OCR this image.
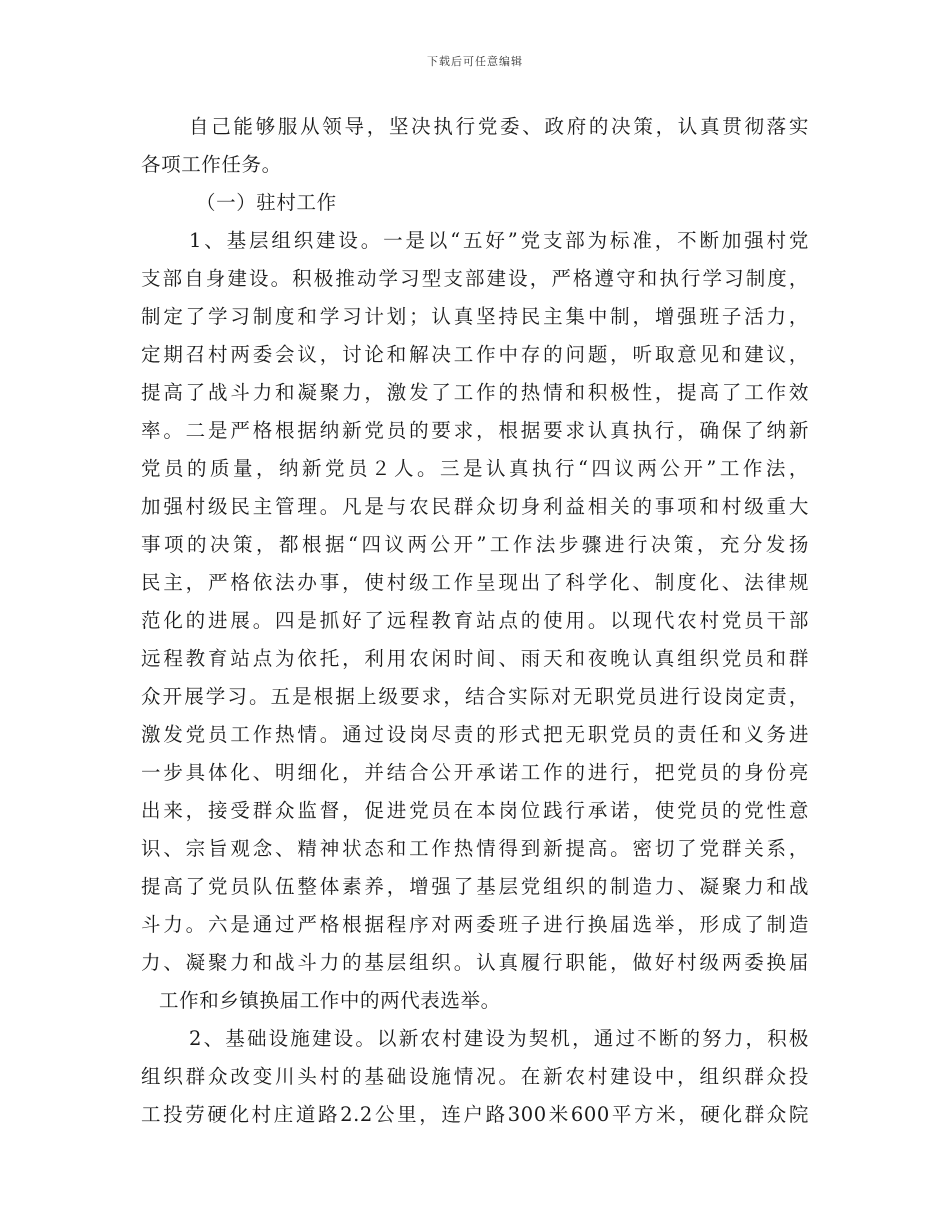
下载后可任意编辑
自己能够服从领导，坚决执行党委、政府的决策，认真贯彻落实
各项工作任务。
（一）驻村工作
1、基层组织建设。一是以“五好”党支部为标准，不断加强村党
支部自身建设。积极推动学习型支部建设，严格遵守和执行学习制度，
制定了学习制度和学习计划；认真坚持民主集中制，增强班子活力，
定期召村两委会议，讨论和解决工作中存的问题，听取意见和建议，
提高了战斗力和凝聚力，激发了工作的热情和积极性，提高了工作效
率。二是严格根据纳新党员的要求，根据要求认真执行，确保了纳新
党员的质量，纳新党员２人。三是认真执行“四议两公开”工作法，
加强村级民主管理。凡是与农民群众切身利益相关的事项和村级重大
事项的决策，都根据“四议两公开”工作法步骤进行决策，充分发扬
民主，严格依法办事，使村级工作呈现出了科学化、制度化、法律规
范化的进展。四是抓好了远程教育站点的使用。以现代农村党员干部
远程教育站点为依托，利用农闲时间、雨天和夜晚认真组织党员和群
众开展学习。五是根据上级要求，结合实际对无职党员进行设岗定责，
激发党员工作热情。通过设岗尽责的形式把无职党员的责任和义务进
一步具体化、明细化，并结合公开承诺工作的进行，把党员的身份亮
出来，接受群众监督，促进党员在本岗位践行承诺，使党员的党性意
识、宗旨观念、精神状态和工作热情得到新提高。密切了党群关系，
提高了党员队伍整体素养，增强了基层党组织的制造力、凝聚力和战
斗力。六是通过严格根据程序对两委班子进行换届选举，形成了制造
力、凝聚力和战斗力的基层组织。认真履行职能，做好村级两委换届
工作和乡镇换届工作中的两代表选举。
2、基础设施建设。以新农村建设为契机，通过不断的努力，积极
组织群众改变川头村的基础设施情况。在新农村建设中，组织群众投
工投劳硬化村庄道路2.2公里，连户路300米600平方米，硬化群众院
